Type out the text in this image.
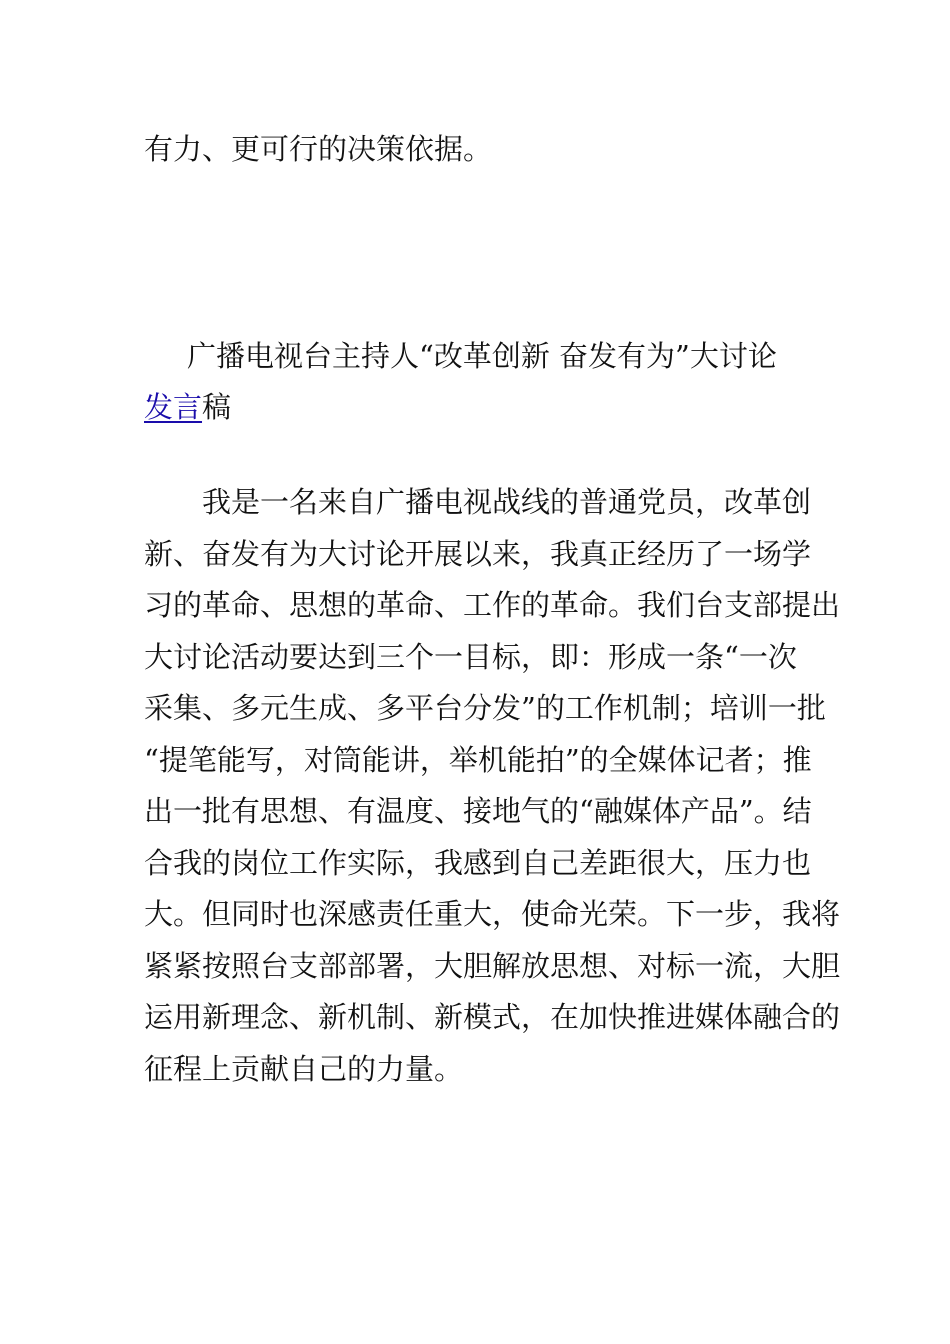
有力、更可行的决策依据。

广播电视台主持人“改革创新 奋发有为”大讨论
发言稿

我是一名来自广播电视战线的普通党员，改革创
新、奋发有为大讨论开展以来，我真正经历了一场学
习的革命、思想的革命、工作的革命。我们台支部提出
大讨论活动要达到三个一目标，即：形成一条“一次
采集、多元生成、多平台分发”的工作机制；培训一批
“提笔能写，对筒能讲，举机能拍”的全媒体记者；推
出一批有思想、有温度、接地气的“融媒体产品”。结
合我的岗位工作实际，我感到自己差距很大，压力也
大。但同时也深感责任重大，使命光荣。下一步，我将
紧紧按照台支部部署，大胆解放思想、对标一流，大胆
运用新理念、新机制、新模式，在加快推进媒体融合的
征程上贡献自己的力量。
